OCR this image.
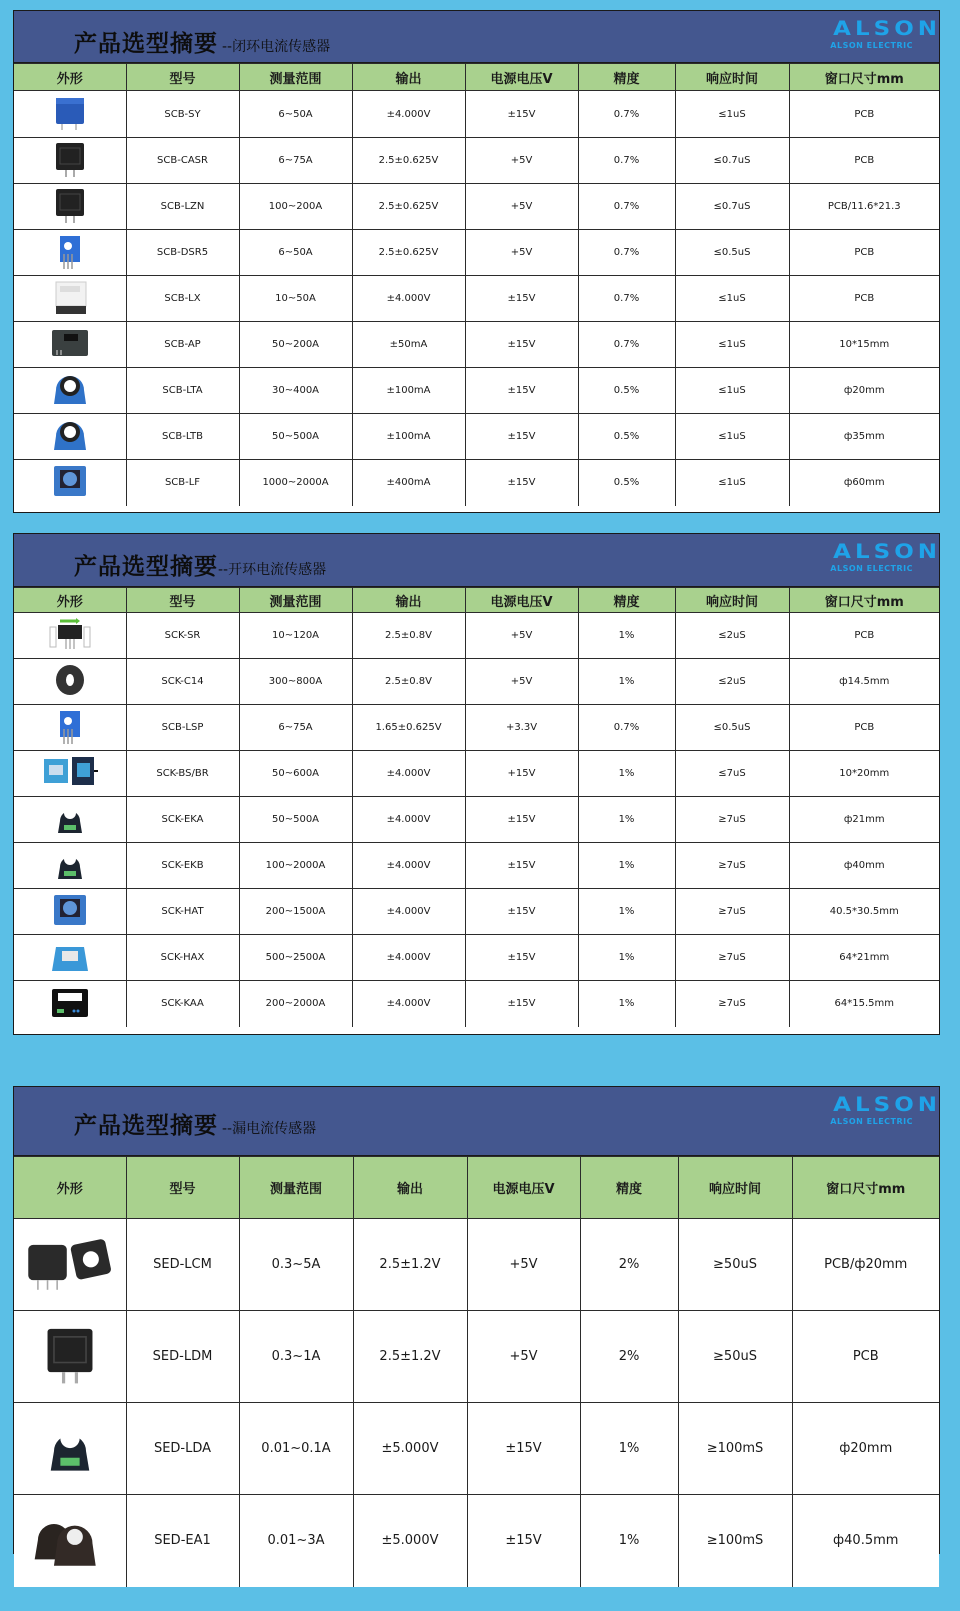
产品选型摘要 --闭环电流传感器
ALSON
ALSON ELECTRIC
外形	型号	测量范围	输出	电源电压V	精度	响应时间	窗口尺寸mm
	SCB-SY	6~50A	±4.000V	±15V	0.7%	≤1uS	PCB
	SCB-CASR	6~75A	2.5±0.625V	+5V	0.7%	≤0.7uS	PCB
	SCB-LZN	100~200A	2.5±0.625V	+5V	0.7%	≤0.7uS	PCB/11.6*21.3
	SCB-DSR5	6~50A	2.5±0.625V	+5V	0.7%	≤0.5uS	PCB
	SCB-LX	10~50A	±4.000V	±15V	0.7%	≤1uS	PCB
	SCB-AP	50~200A	±50mA	±15V	0.7%	≤1uS	10*15mm
	SCB-LTA	30~400A	±100mA	±15V	0.5%	≤1uS	ф20mm
	SCB-LTB	50~500A	±100mA	±15V	0.5%	≤1uS	ф35mm
	SCB-LF	1000~2000A	±400mA	±15V	0.5%	≤1uS	ф60mm
产品选型摘要 --开环电流传感器
ALSON
ALSON ELECTRIC
外形	型号	测量范围	输出	电源电压V	精度	响应时间	窗口尺寸mm
	SCK-SR	10~120A	2.5±0.8V	+5V	1%	≤2uS	PCB
	SCK-C14	300~800A	2.5±0.8V	+5V	1%	≤2uS	ф14.5mm
	SCB-LSP	6~75A	1.65±0.625V	+3.3V	0.7%	≤0.5uS	PCB
	SCK-BS/BR	50~600A	±4.000V	+15V	1%	≤7uS	10*20mm
	SCK-EKA	50~500A	±4.000V	±15V	1%	≥7uS	ф21mm
	SCK-EKB	100~2000A	±4.000V	±15V	1%	≥7uS	ф40mm
	SCK-HAT	200~1500A	±4.000V	±15V	1%	≥7uS	40.5*30.5mm
	SCK-HAX	500~2500A	±4.000V	±15V	1%	≥7uS	64*21mm
	SCK-KAA	200~2000A	±4.000V	±15V	1%	≥7uS	64*15.5mm
产品选型摘要 --漏电流传感器
ALSON
ALSON ELECTRIC
外形	型号	测量范围	输出	电源电压V	精度	响应时间	窗口尺寸mm
	SED-LCM	0.3~5A	2.5±1.2V	+5V	2%	≥50uS	PCB/ф20mm
	SED-LDM	0.3~1A	2.5±1.2V	+5V	2%	≥50uS	PCB
	SED-LDA	0.01~0.1A	±5.000V	±15V	1%	≥100mS	ф20mm
	SED-EA1	0.01~3A	±5.000V	±15V	1%	≥100mS	ф40.5mm
